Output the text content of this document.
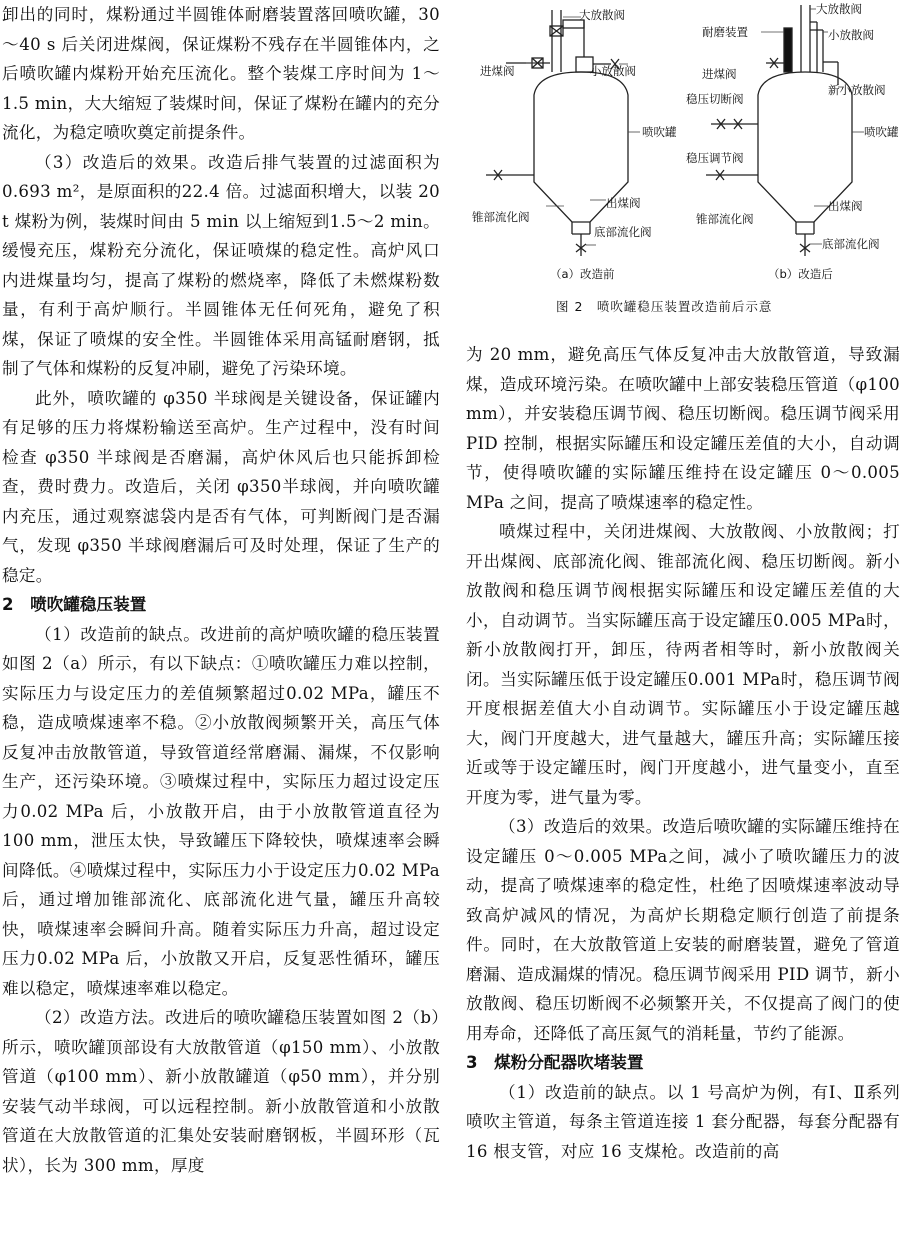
卸出的同时，煤粉通过半圆锥体耐磨装置落回喷吹罐，30～40 s 后关闭进煤阀，保证煤粉不残存在半圆锥体内，之后喷吹罐内煤粉开始充压流化。整个装煤工序时间为 1～1.5 min，大大缩短了装煤时间，保证了煤粉在罐内的充分流化，为稳定喷吹奠定前提条件。

（3）改造后的效果。改造后排气装置的过滤面积为0.693 m²，是原面积的22.4 倍。过滤面积增大，以装 20 t 煤粉为例，装煤时间由 5 min 以上缩短到1.5～2 min。缓慢充压，煤粉充分流化，保证喷煤的稳定性。高炉风口内进煤量均匀，提高了煤粉的燃烧率，降低了未燃煤粉数量，有利于高炉顺行。半圆锥体无任何死角，避免了积煤，保证了喷煤的安全性。半圆锥体采用高锰耐磨钢，抵制了气体和煤粉的反复冲刷，避免了污染环境。

此外，喷吹罐的 φ350 半球阀是关键设备，保证罐内有足够的压力将煤粉输送至高炉。生产过程中，没有时间检查 φ350 半球阀是否磨漏，高炉休风后也只能拆卸检查，费时费力。改造后，关闭 φ350半球阀，并向喷吹罐内充压，通过观察滤袋内是否有气体，可判断阀门是否漏气，发现 φ350 半球阀磨漏后可及时处理，保证了生产的稳定。

2　喷吹罐稳压装置

（1）改造前的缺点。改进前的高炉喷吹罐的稳压装置如图 2（a）所示，有以下缺点：①喷吹罐压力难以控制，实际压力与设定压力的差值频繁超过0.02 MPa，罐压不稳，造成喷煤速率不稳。②小放散阀频繁开关，高压气体反复冲击放散管道，导致管道经常磨漏、漏煤，不仅影响生产，还污染环境。③喷煤过程中，实际压力超过设定压力0.02 MPa 后，小放散开启，由于小放散管道直径为 100 mm，泄压太快，导致罐压下降较快，喷煤速率会瞬间降低。④喷煤过程中，实际压力小于设定压力0.02 MPa 后，通过增加锥部流化、底部流化进气量，罐压升高较快，喷煤速率会瞬间升高。随着实际压力升高，超过设定压力0.02 MPa 后，小放散又开启，反复恶性循环，罐压难以稳定，喷煤速率难以稳定。

（2）改造方法。改进后的喷吹罐稳压装置如图 2（b）所示，喷吹罐顶部设有大放散管道（φ150 mm）、小放散管道（φ100 mm）、新小放散罐道（φ50 mm），并分别安装气动半球阀，可以远程控制。新小放散管道和小放散管道在大放散管道的汇集处安装耐磨钢板，半圆环形（瓦状），长为 300 mm，厚度

大放散阀
进煤阀	小放散阀
喷吹罐
出煤阀
锥部流化阀
底部流化阀
（a）改造前
大放散阀
耐磨装置	小放散阀
进煤阀
新小放散阀
稳压切断阀
喷吹罐
稳压调节阀
出煤阀
锥部流化阀
底部流化阀
（b）改造后
图 2　喷吹罐稳压装置改造前后示意

为 20 mm，避免高压气体反复冲击大放散管道，导致漏煤，造成环境污染。在喷吹罐中上部安装稳压管道（φ100 mm），并安装稳压调节阀、稳压切断阀。稳压调节阀采用 PID 控制，根据实际罐压和设定罐压差值的大小，自动调节，使得喷吹罐的实际罐压维持在设定罐压 0～0.005 MPa 之间，提高了喷煤速率的稳定性。

喷煤过程中，关闭进煤阀、大放散阀、小放散阀；打开出煤阀、底部流化阀、锥部流化阀、稳压切断阀。新小放散阀和稳压调节阀根据实际罐压和设定罐压差值的大小，自动调节。当实际罐压高于设定罐压0.005 MPa时，新小放散阀打开，卸压，待两者相等时，新小放散阀关闭。当实际罐压低于设定罐压0.001 MPa时，稳压调节阀开度根据差值大小自动调节。实际罐压小于设定罐压越大，阀门开度越大，进气量越大，罐压升高；实际罐压接近或等于设定罐压时，阀门开度越小，进气量变小，直至开度为零，进气量为零。

（3）改造后的效果。改造后喷吹罐的实际罐压维持在设定罐压 0～0.005 MPa之间，减小了喷吹罐压力的波动，提高了喷煤速率的稳定性，杜绝了因喷煤速率波动导致高炉减风的情况，为高炉长期稳定顺行创造了前提条件。同时，在大放散管道上安装的耐磨装置，避免了管道磨漏、造成漏煤的情况。稳压调节阀采用 PID 调节，新小放散阀、稳压切断阀不必频繁开关，不仅提高了阀门的使用寿命，还降低了高压氮气的消耗量，节约了能源。

3　煤粉分配器吹堵装置

（1）改造前的缺点。以 1 号高炉为例，有Ⅰ、Ⅱ系列喷吹主管道，每条主管道连接 1 套分配器，每套分配器有 16 根支管，对应 16 支煤枪。改造前的高
